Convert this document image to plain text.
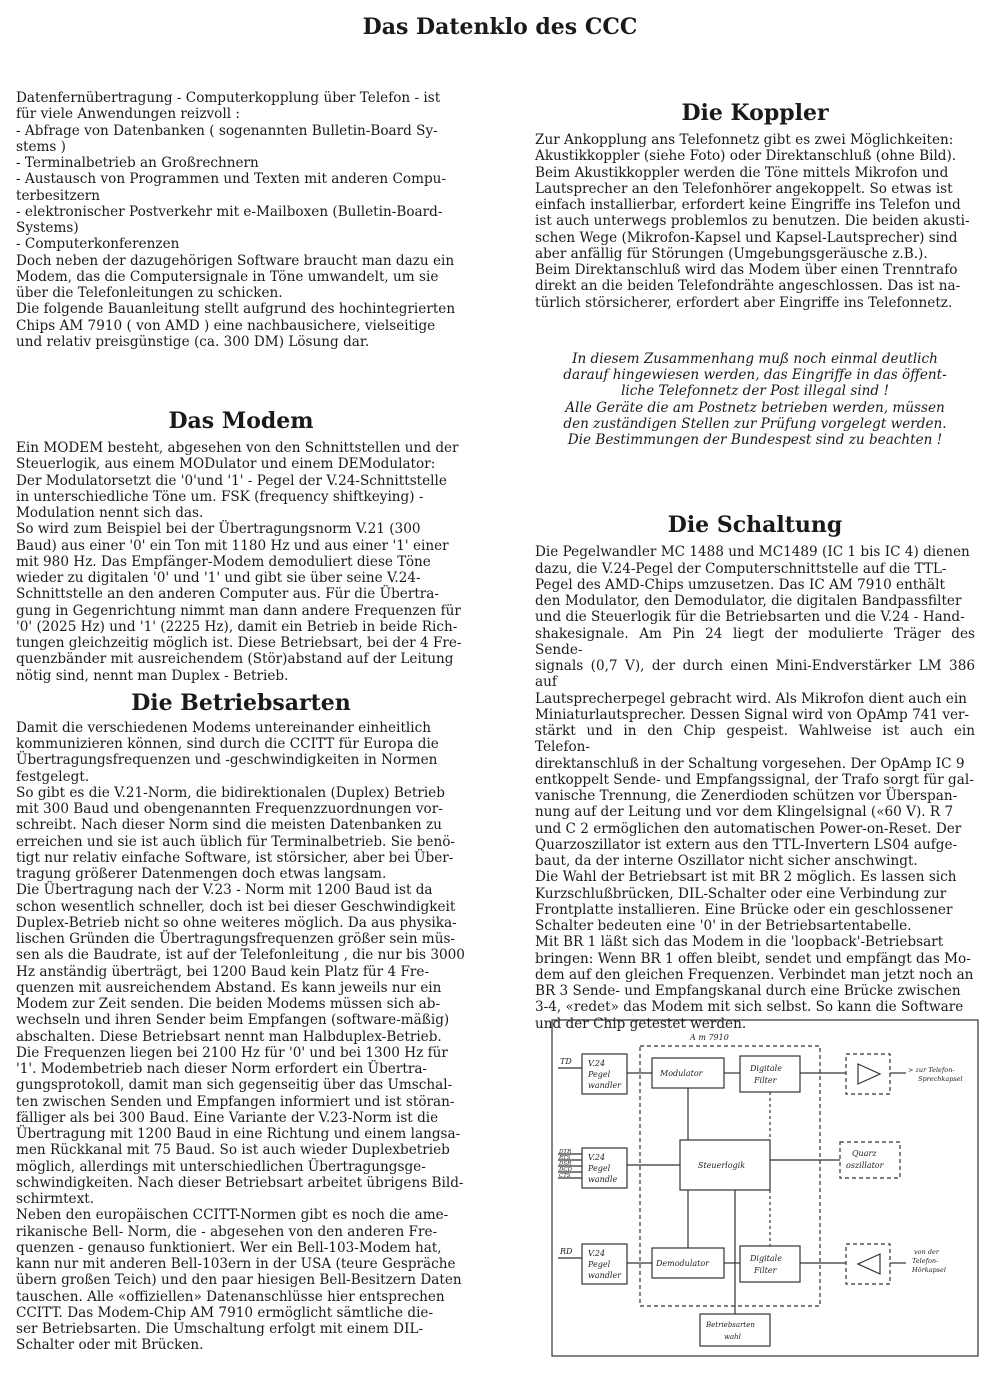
Das Datenklo des CCC

Datenfernübertragung - Computerkopplung über Telefon - ist
für viele Anwendungen reizvoll :
- Abfrage von Datenbanken ( sogenannten Bulletin-Board Sy-
stems )
- Terminalbetrieb an Großrechnern
- Austausch von Programmen und Texten mit anderen Compu-
terbesitzern
- elektronischer Postverkehr mit e-Mailboxen (Bulletin-Board-
Systems)
- Computerkonferenzen
Doch neben der dazugehörigen Software braucht man dazu ein
Modem, das die Computersignale in Töne umwandelt, um sie
über die Telefonleitungen zu schicken.
Die folgende Bauanleitung stellt aufgrund des hochintegrierten
Chips AM 7910 ( von AMD ) eine nachbausichere, vielseitige
und relativ preisgünstige (ca. 300 DM) Lösung dar.

Das Modem

Ein MODEM besteht, abgesehen von den Schnittstellen und der
Steuerlogik, aus einem MODulator und einem DEModulator:
Der Modulatorsetzt die '0'und '1' - Pegel der V.24-Schnittstelle
in unterschiedliche Töne um. FSK (frequency shiftkeying) -
Modulation nennt sich das.
So wird zum Beispiel bei der Übertragungsnorm V.21 (300
Baud) aus einer '0' ein Ton mit 1180 Hz und aus einer '1' einer
mit 980 Hz. Das Empfänger-Modem demoduliert diese Töne
wieder zu digitalen '0' und '1' und gibt sie über seine V.24-
Schnittstelle an den anderen Computer aus. Für die Übertra-
gung in Gegenrichtung nimmt man dann andere Frequenzen für
'0' (2025 Hz) und '1' (2225 Hz), damit ein Betrieb in beide Rich-
tungen gleichzeitig möglich ist. Diese Betriebsart, bei der 4 Fre-
quenzbänder mit ausreichendem (Stör)abstand auf der Leitung
nötig sind, nennt man Duplex - Betrieb.

Die Betriebsarten

Damit die verschiedenen Modems untereinander einheitlich
kommunizieren können, sind durch die CCITT für Europa die
Übertragungsfrequenzen und -geschwindigkeiten in Normen
festgelegt.
So gibt es die V.21-Norm, die bidirektionalen (Duplex) Betrieb
mit 300 Baud und obengenannten Frequenzzuordnungen vor-
schreibt. Nach dieser Norm sind die meisten Datenbanken zu
erreichen und sie ist auch üblich für Terminalbetrieb. Sie benö-
tigt nur relativ einfache Software, ist störsicher, aber bei Über-
tragung größerer Datenmengen doch etwas langsam.
Die Übertragung nach der V.23 - Norm mit 1200 Baud ist da
schon wesentlich schneller, doch ist bei dieser Geschwindigkeit
Duplex-Betrieb nicht so ohne weiteres möglich. Da aus physika-
lischen Gründen die Übertragungsfrequenzen größer sein müs-
sen als die Baudrate, ist auf der Telefonleitung , die nur bis 3000
Hz anständig überträgt, bei 1200 Baud kein Platz für 4 Fre-
quenzen mit ausreichendem Abstand. Es kann jeweils nur ein
Modem zur Zeit senden. Die beiden Modems müssen sich ab-
wechseln und ihren Sender beim Empfangen (software-mäßig)
abschalten. Diese Betriebsart nennt man Halbduplex-Betrieb.
Die Frequenzen liegen bei 2100 Hz für '0' und bei 1300 Hz für
'1'. Modembetrieb nach dieser Norm erfordert ein Übertra-
gungsprotokoll, damit man sich gegenseitig über das Umschal-
ten zwischen Senden und Empfangen informiert und ist störan-
fälliger als bei 300 Baud. Eine Variante der V.23-Norm ist die
Übertragung mit 1200 Baud in eine Richtung und einem langsa-
men Rückkanal mit 75 Baud. So ist auch wieder Duplexbetrieb
möglich, allerdings mit unterschiedlichen Übertragungsge-
schwindigkeiten. Nach dieser Betriebsart arbeitet übrigens Bild-
schirmtext.
Neben den europäischen CCITT-Normen gibt es noch die ame-
rikanische Bell- Norm, die - abgesehen von den anderen Fre-
quenzen - genauso funktioniert. Wer ein Bell-103-Modem hat,
kann nur mit anderen Bell-103ern in der USA (teure Gespräche
übern großen Teich) und den paar hiesigen Bell-Besitzern Daten
tauschen. Alle «offiziellen» Datenanschlüsse hier entsprechen
CCITT. Das Modem-Chip AM 7910 ermöglicht sämtliche die-
ser Betriebsarten. Die Umschaltung erfolgt mit einem DIL-
Schalter oder mit Brücken.

Die Koppler

Zur Ankopplung ans Telefonnetz gibt es zwei Möglichkeiten:
Akustikkoppler (siehe Foto) oder Direktanschluß (ohne Bild).
Beim Akustikkoppler werden die Töne mittels Mikrofon und
Lautsprecher an den Telefonhörer angekoppelt. So etwas ist
einfach installierbar, erfordert keine Eingriffe ins Telefon und
ist auch unterwegs problemlos zu benutzen. Die beiden akusti-
schen Wege (Mikrofon-Kapsel und Kapsel-Lautsprecher) sind
aber anfällig für Störungen (Umgebungsgeräusche z.B.).
Beim Direktanschluß wird das Modem über einen Trenntrafo
direkt an die beiden Telefondrähte angeschlossen. Das ist na-
türlich störsicherer, erfordert aber Eingriffe ins Telefonnetz.

In diesem Zusammenhang muß noch einmal deutlich
darauf hingewiesen werden, das Eingriffe in das öffent-
liche Telefonnetz der Post illegal sind !
Alle Geräte die am Postnetz betrieben werden, müssen
den zuständigen Stellen zur Prüfung vorgelegt werden.
Die Bestimmungen der Bundespest sind zu beachten !

Die Schaltung

Die Pegelwandler MC 1488 und MC1489 (IC 1 bis IC 4) dienen
dazu, die V.24-Pegel der Computerschnittstelle auf die TTL-
Pegel des AMD-Chips umzusetzen. Das IC AM 7910 enthält
den Modulator, den Demodulator, die digitalen Bandpassfilter
und die Steuerlogik für die Betriebsarten und die V.24 - Hand-
shakesignale. Am Pin 24 liegt der modulierte Träger des Sende-
signals (0,7 V), der durch einen Mini-Endverstärker LM 386 auf
Lautsprecherpegel gebracht wird. Als Mikrofon dient auch ein
Miniaturlautsprecher. Dessen Signal wird von OpAmp 741 ver-
stärkt und in den Chip gespeist. Wahlweise ist auch ein Telefon-
direktanschluß in der Schaltung vorgesehen. Der OpAmp IC 9
entkoppelt Sende- und Empfangssignal, der Trafo sorgt für gal-
vanische Trennung, die Zenerdioden schützen vor Überspan-
nung auf der Leitung und vor dem Klingelsignal («60 V). R 7
und C 2 ermöglichen den automatischen Power-on-Reset. Der
Quarzoszillator ist extern aus den TTL-Invertern LS04 aufge-
baut, da der interne Oszillator nicht sicher anschwingt.
Die Wahl der Betriebsart ist mit BR 2 möglich. Es lassen sich
Kurzschlußbrücken, DIL-Schalter oder eine Verbindung zur
Frontplatte installieren. Eine Brücke oder ein geschlossener
Schalter bedeuten eine '0' in der Betriebsartentabelle.
Mit BR 1 läßt sich das Modem in die 'loopback'-Betriebsart
bringen: Wenn BR 1 offen bleibt, sendet und empfängt das Mo-
dem auf den gleichen Frequenzen. Verbindet man jetzt noch an
BR 3 Sende- und Empfangskanal durch eine Brücke zwischen
3-4, «redet» das Modem mit sich selbst. So kann die Software
und der Chip getestet werden.

A m 7910
TD
RD
V.24
Pegel
wandler
V.24
Pegel
wandle
V.24
Pegel
wandler
DTR
RTS
DSR
DCD
CTS
Modulator
Digitale
Filter
Steuerlogik
Demodulator
Digitale
Filter
Quarz
oszillator
> zur Telefon-
Sprechkapsel
von der
Telefon-
Hörkapsel
Betriebsarten
wahl
